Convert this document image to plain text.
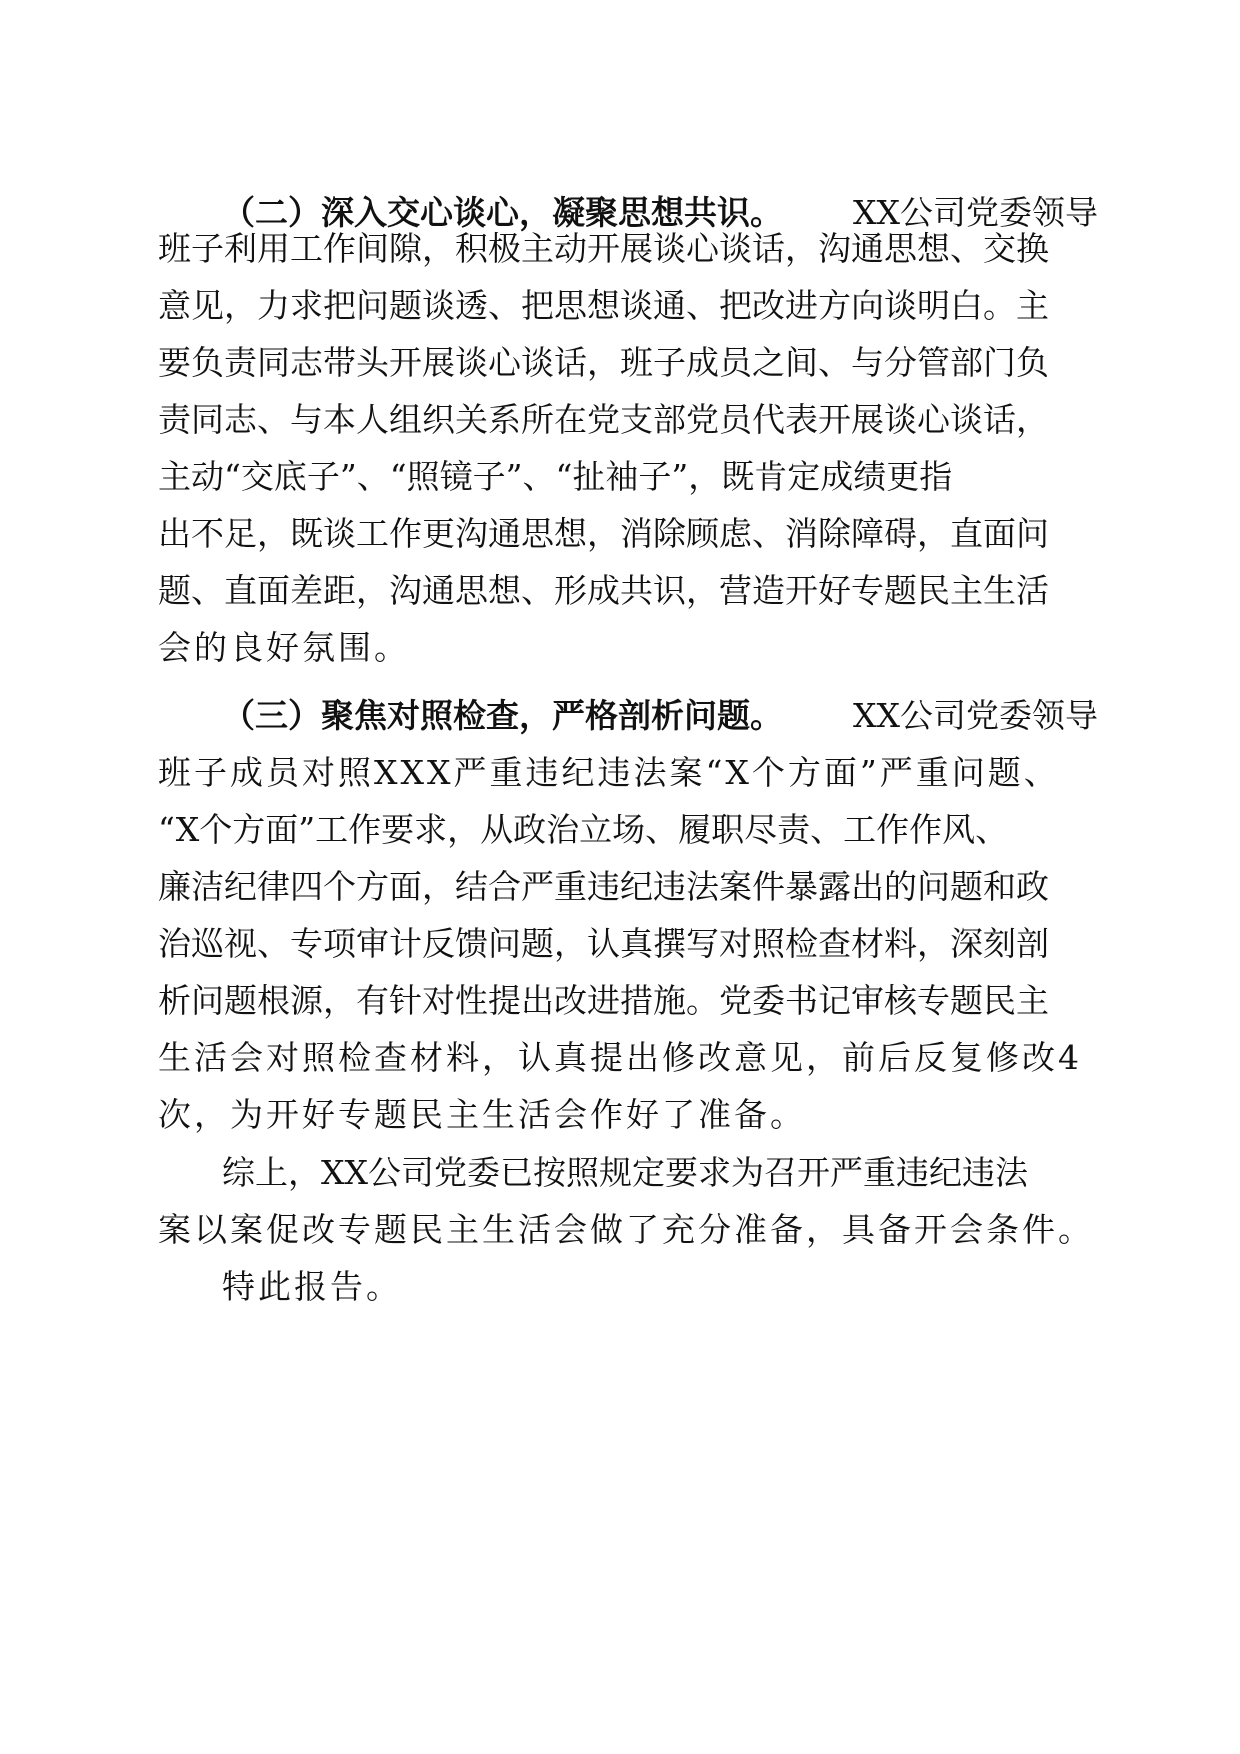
（二）深入交心谈心，凝聚思想共识。 XX公司党委领导
班子利用工作间隙，积极主动开展谈心谈话，沟通思想、交换
意见，力求把问题谈透、把思想谈通、把改进方向谈明白。主
要负责同志带头开展谈心谈话，班子成员之间、与分管部门负
责同志、与本人组织关系所在党支部党员代表开展谈心谈话，
主动“交底子”、“照镜子”、“扯袖子”，既肯定成绩更指
出不足，既谈工作更沟通思想，消除顾虑、消除障碍，直面问
题、直面差距，沟通思想、形成共识，营造开好专题民主生活
会的良好氛围。
（三）聚焦对照检查，严格剖析问题。 XX公司党委领导
班子成员对照XXX严重违纪违法案“X个方面”严重问题、
“X个方面”工作要求，从政治立场、履职尽责、工作作风、
廉洁纪律四个方面，结合严重违纪违法案件暴露出的问题和政
治巡视、专项审计反馈问题，认真撰写对照检查材料，深刻剖
析问题根源，有针对性提出改进措施。党委书记审核专题民主
生活会对照检查材料，认真提出修改意见，前后反复修改4
次，为开好专题民主生活会作好了准备。
综上，XX公司党委已按照规定要求为召开严重违纪违法
案以案促改专题民主生活会做了充分准备，具备开会条件。
特此报告。
